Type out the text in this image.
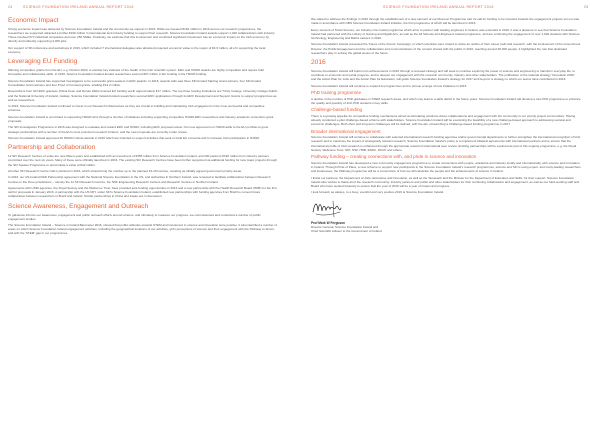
24	SCIENCE FOUNDATION IRELAND ANNUAL REPORT 2016	SCIENCE FOUNDATION IRELAND ANNUAL REPORT 2016	25
Economic Impact

Strong economic impact was delivered by Science Foundation Ireland and the community we support in 2016. While we invested €164 million in 2016 across our research programmes, the researchers we supported attracted a further €190 million in international and industry funding to support their research. Science Foundation Ireland awards support 1,320 collaborations with industry. These involved 573 individual companies and over 250 SMEs. Positively, we estimate that this involvement and combined significant investment has an economic impact on the Irish economy by directly and indirectly supporting 3,000 jobs.

Our support of 38 conference and workshops in 2016, which included 7 international delegates also attracted projected economic value to the region of €4.6 million, all of it supporting the local economy.

Leveraging EU Funding

Winning competitive grants from the EU, e.g. Horizon 2020, is another key indicator of the health of the Irish scientific system. ERC and H2020 awards are highly competitive and require both innovative and collaborative skills. In 2016, Science Foundation Ireland-funded researchers secured €67 million in EU funding in the H2020 funding.

Science Foundation Ireland has supported investigators to be successful grant-seekers in ERC awards. In 2016, awards calls saw three SFI-funded Starting Grant winners, four SFI-funded Consolidator Grant winners and four Proof of Concept grants, totalling €14.2 million.

Researchers from SFI ERC grantees (Olivia Keen and Ronan Wall) received EU funding worth approximately €17 million. The top three hosting institutions are Trinity College, University College Dublin and the National University of Ireland, Galway. Science Foundation Ireland-funded researchers secured ERC applications through its ERC Development and Support Grants to support programmes as well as researchers.

In 2016, Science Foundation Ireland continued to invest in our Research Infrastructure as they are crucial to building and maintaining Irish engagement in the most successful and competitive schemes.

Science Foundation Ireland is committed to supporting H2020 wins through a number of initiatives including supporting competitive H2020-ERC researchers and industry-academic consortium grant proposals.

The SFI Investigators Programme in 2016 was designed to evaluate and reward ERC and H2020, including ERC proposal review. Our new agreement on H2020 adds to the EU portfolio to grow strategic partnerships with a number of the EU's most prominent research funders, and the new proposals are currently under review.

Science Foundation Ireland approved 46 H2020 Cofund awards in 2016 which are intended to support activities that seek to build EU consortia and to increase Irish participation in H2020.

Partnership and Collaboration

12 SFI Research Centres of scale are now fifteen-years and established with an investment of €355 million from Science Foundation Ireland, and 200 partners €190 million from industry partners committed over the next six years. Many of these were officially launched in 2016. The existing SFI Research Centres have been further supported via additional funding for new major projects through the SFI Spokes Programme to accumulate a value of €42 million.

All other SFI Research Centre Call is planned in 2016, which should bring the number up to the planned 16-18 Centres, resulting as initially agreed government priority areas.

In 2016, our US-Ireland R&D Partnership agreement with the National Science Foundation in the US, and authorities in Northern Ireland, was renewed to facilitate collaboration between Research Centres in the three jurisdictions – namely the 12 SFI Research Centres, the NSF Engineering Research Centers and Research Centres in Northern Ireland.

Agreements with UKRI agencies, the Royal Society and the Wellcome Trust, have provided joint funding opportunities in 2016 and a new partnership with the Health Research Board (HRB) for the first call for proposals in January 2016. A partnership with the US NIH, under SFI's Science Foundation Ireland, established new partnerships with funding agencies from Brazil to cement future collaboration between researchers in Brazil and Ireland. Similar partnerships in China and Japan are in discussion.

Science Awareness, Engagement and Outreach

To galvanise informs our awareness, engagement and public outreach efforts around science, and ultimately to measure our progress, we commissioned and conducted a number of public engagement studies.

The Science Foundation Ireland – Science in Ireland Barometer 2016, showed that public attitudes towards STEM and investment in science and innovation were positive. It also identified a number of areas on which Science Foundation Ireland engagement activities, including the geographical locations of our activities, girl's perceptions of science and their engagement with the Pathway to Smart, and with the 'STEM' gap in our programmes.

We started to address the findings in 2016 through the establishment of a new element of our Discover Programme call. Its call for funding to be invested towards the engagement projects set out was made in accordance with OBS Science Foundation Ireland initiative, the first programme of which will be launched in 2016.

Every element of Smart Futures, our industry role model programme which aims to partner with leading engineers in Ireland, was extended in 2016. It was a pleasure to see that Science Foundation Ireland had partnered with the Library of Gaming and Digital Arts, as well as the All Schools and Engineers Ireland programme, and are continuing the engagement of over 1,600 students with Science, Technology, Engineering and Maths careers in 2016.

Science Foundation Ireland presented the 'Faces of the Future' Campaign, in which scientists were invited to share an outline of their career path and research, with the involvement of the Government Director, the Public Engagement and the collaboration and communications of the content shared with the public in 2016, reaching around 36,000 people. It highlighted the role that dedicated researchers play in solving the global issues of the future.

2016

Science Foundation Ireland will build on its achievements in 2016 through a renewed strategy and will seek to continue exploring the power of science and engineering to transform everyday life, to contribute to economic and social progress, and to deepen our engagement with the research community, industry and other stakeholders. The publication of the national strategy 'Innovation 2020', and the Action Plan for Jobs and the Action Plan for Education, will guide Science Foundation Ireland's strategy for 2017 and beyond, a strategy to which our teams have contributed in 2016.

Science Foundation Ireland will continue to expand its programmes and to pursue a range of new initiatives in 2016.

PhD training programme

A decline in the number of PhD graduates in STEM research areas, and which may lead to a skills deficit in the future years. Science Foundation Ireland will develop a new PhD programme to enhance the quality and quantity of Irish PhD students in key skills.

Challenge-based funding

There is a growing appetite for competitive funding mechanisms aimed at stimulating solutions-driven collaborations and engagement with the community in our priority project communities. Having already conducted a pilot challenge-based scheme with stakeholders, Science Foundation Ireland will be examining the feasibility of a new challenge-based approach to addressing societal and economic challenges. Both short and long-term challenges will be defined, with the aim of launching a Challenge-based funding programme in 2017.

Broader international engagement

Science Foundation Ireland will continue to collaborate with selected international research funding agencies and/or governmental departments to further strengthen the international recognition of Irish research and to maximise the impact of strategically relevant research. Science Foundation Ireland's policy is to implement bilateral agreements with international partners and to ensure that the international profile of Irish research is enhanced through the appropriate reward of international peer review. Exciting partnerships will be explored as part of this ongoing programme, e.g. the Royal Society, Wellcome Trust, NIH, NSF, HRB, ESRC, RCUK and others.

Pathway funding – creating connections with, and pride in science and innovation

Science Foundation Ireland has developed a new community engagement programme to create connections with people, academia and industry locally and internationally, with science and innovation in Ireland. Through Pride of Place, a new scheme to support new participants in the Science Foundation Ireland's research programmes, science and SFI is using expert, and many-leading researchers and businesses, the Pathway programme will be a cornerstone of how we will celebrate the people and the achievements of science in Ireland.

I thank our partners, the Department of Jobs, Enterprise and Innovation, as well as the Taoiseach and the Minister for the Department of Education and Skills, for their support. Science Foundation Ireland also wishes to thank all of the research community, industry partners and public and other stakeholders for their continuing collaboration and engagement, as well as our hard-working staff and Board who have worked tirelessly to ensure that the year of 2016 will be a year of impact and progress.

I look forward, as always, to a busy, eventful and very positive 2016 at Science Foundation Ireland.

Prof Mark W Ferguson

Director General, Science Foundation Ireland and

Chief Scientific Adviser to the Government of Ireland
